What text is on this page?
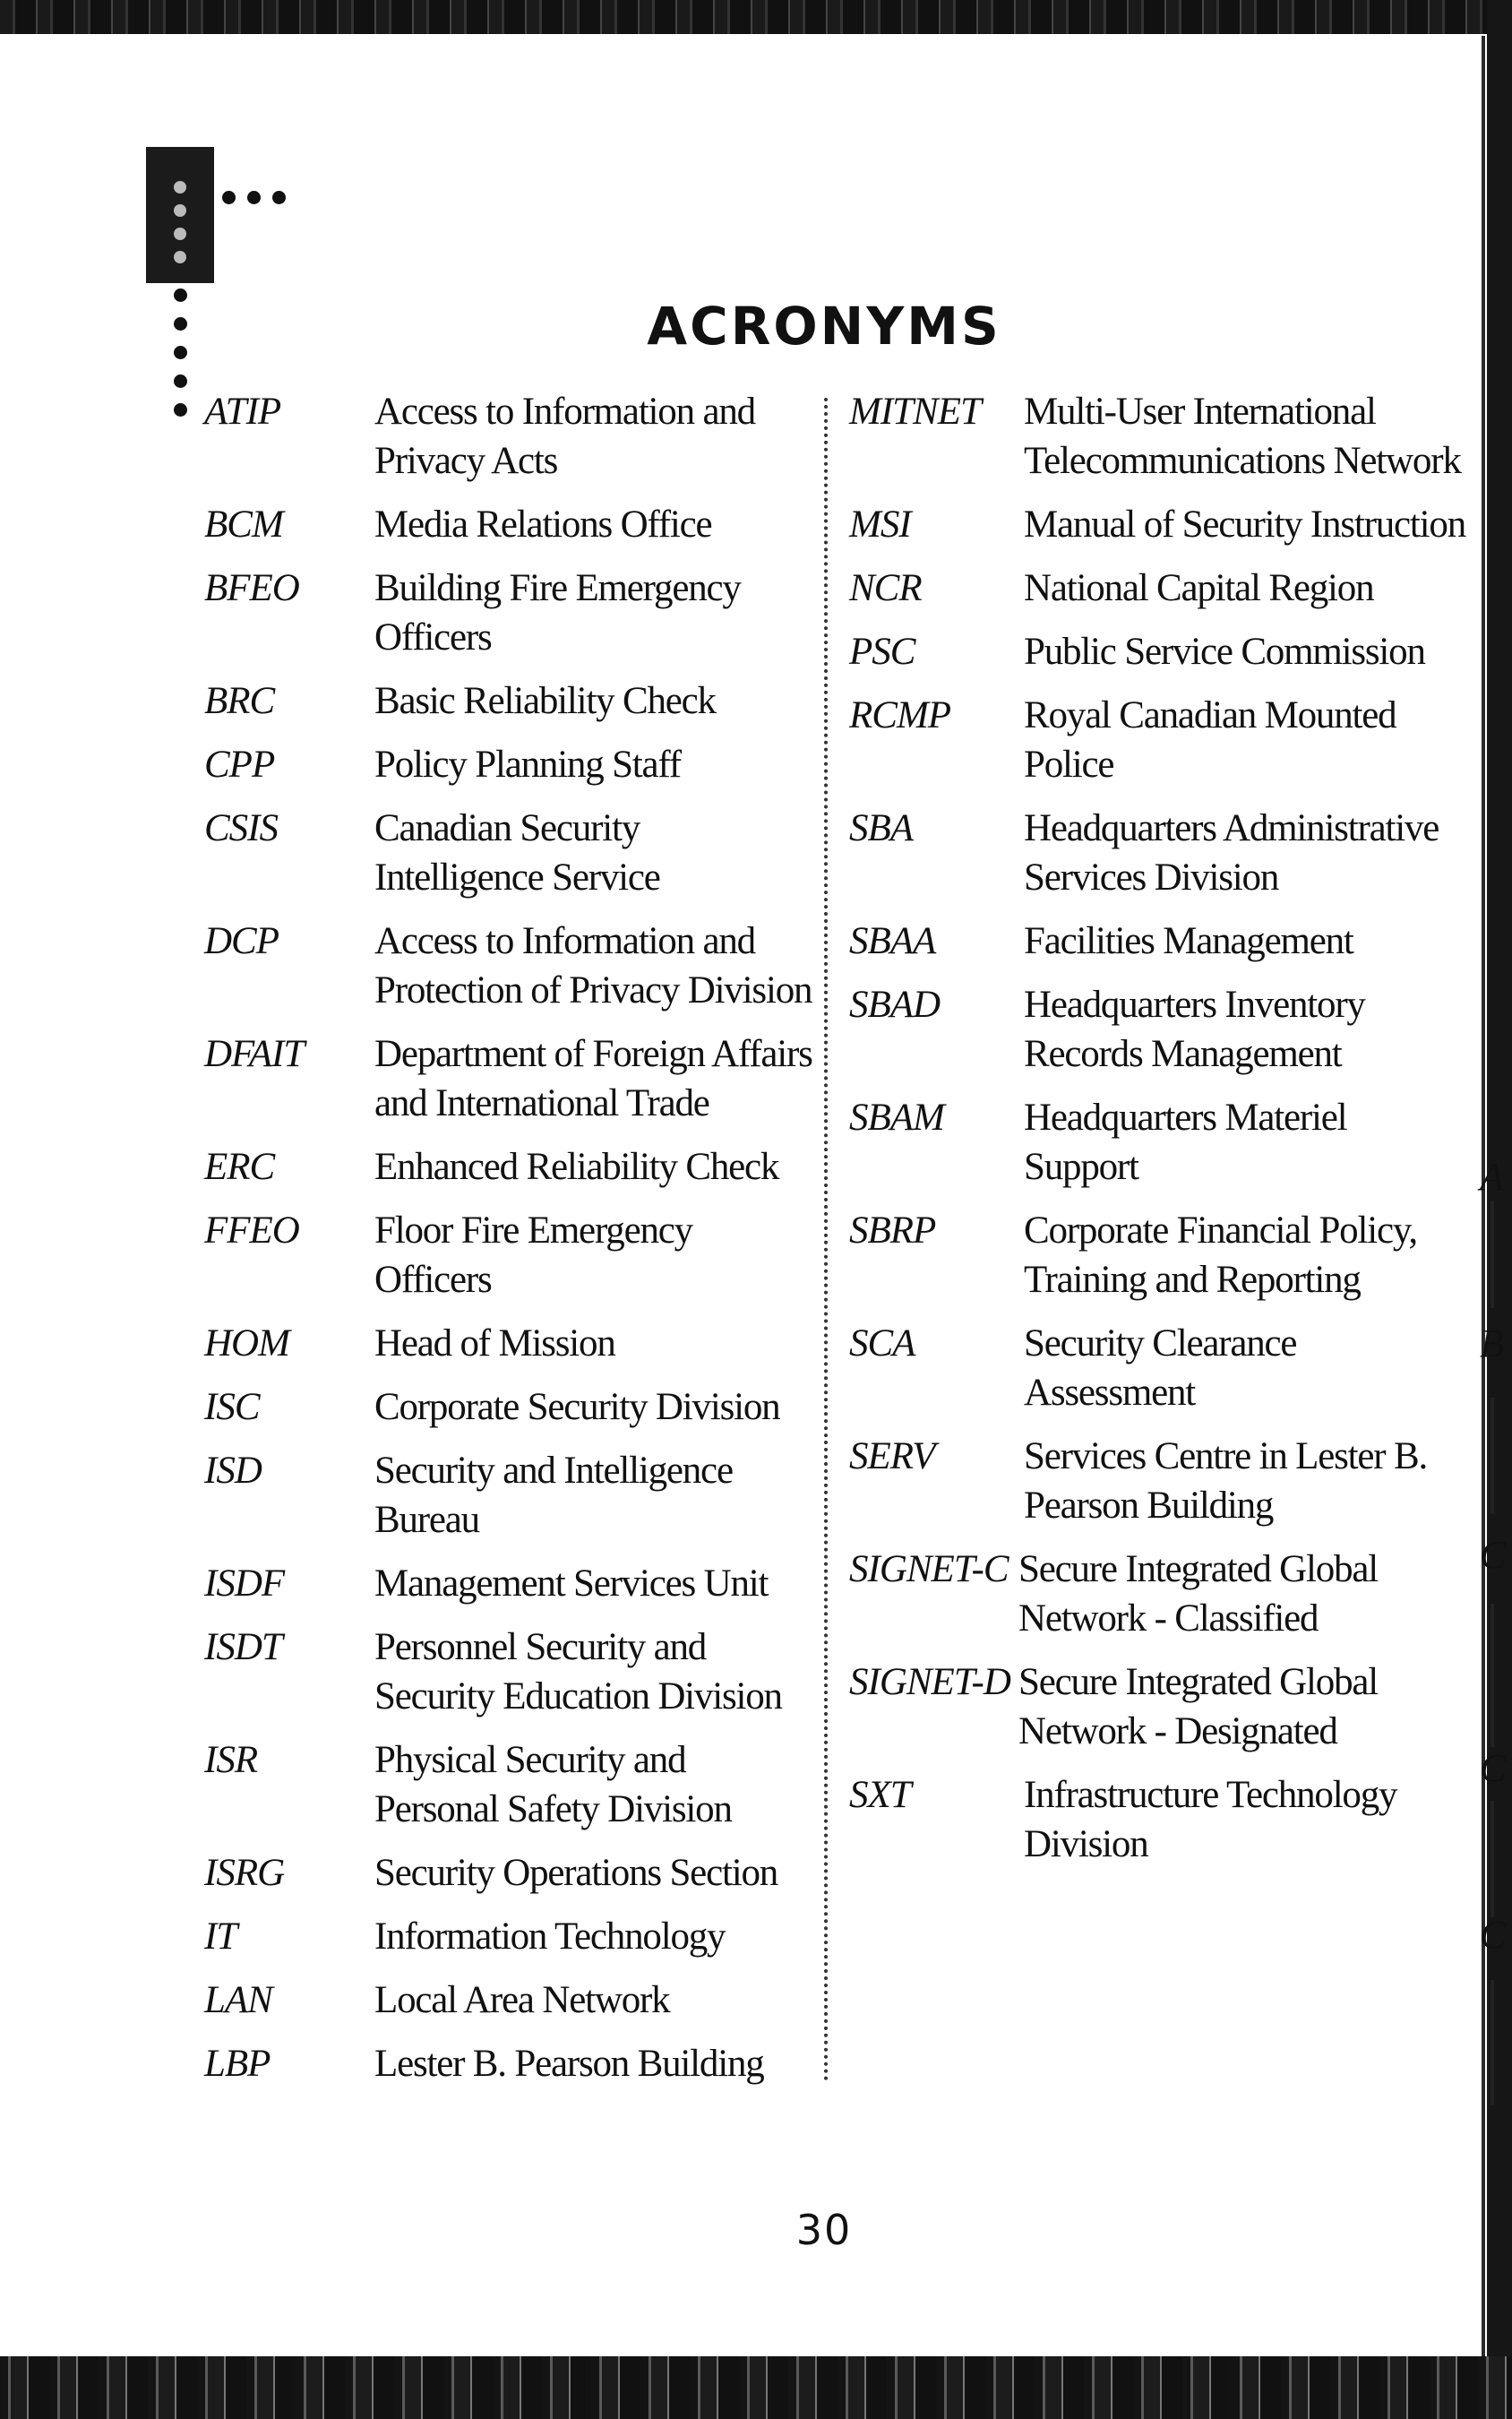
A
B
C
C
C
ACRONYMS
ATIP	Access to Information and Privacy Acts
BCM	Media Relations Office
BFEO	Building Fire Emergency Officers
BRC	Basic Reliability Check
CPP	Policy Planning Staff
CSIS	Canadian Security Intelligence Service
DCP	Access to Information and Protection of Privacy Division
DFAIT	Department of Foreign Affairs and International Trade
ERC	Enhanced Reliability Check
FFEO	Floor Fire Emergency Officers
HOM	Head of Mission
ISC	Corporate Security Division
ISD	Security and Intelligence Bureau
ISDF	Management Services Unit
ISDT	Personnel Security and Security Education Division
ISR	Physical Security and Personal Safety Division
ISRG	Security Operations Section
IT	Information Technology
LAN	Local Area Network
LBP	Lester B. Pearson Building
MITNET	Multi-User International Telecommunications Network
MSI	Manual of Security Instruction
NCR	National Capital Region
PSC	Public Service Commission
RCMP	Royal Canadian Mounted Police
SBA	Headquarters Administrative Services Division
SBAA	Facilities Management
SBAD	Headquarters Inventory Records Management
SBAM	Headquarters Materiel Support
SBRP	Corporate Financial Policy, Training and Reporting
SCA	Security Clearance Assessment
SERV	Services Centre in Lester B. Pearson Building
SIGNET-C Secure Integrated Global Network - Classified
SIGNET-D Secure Integrated Global Network - Designated
SXT	Infrastructure Technology Division
30
